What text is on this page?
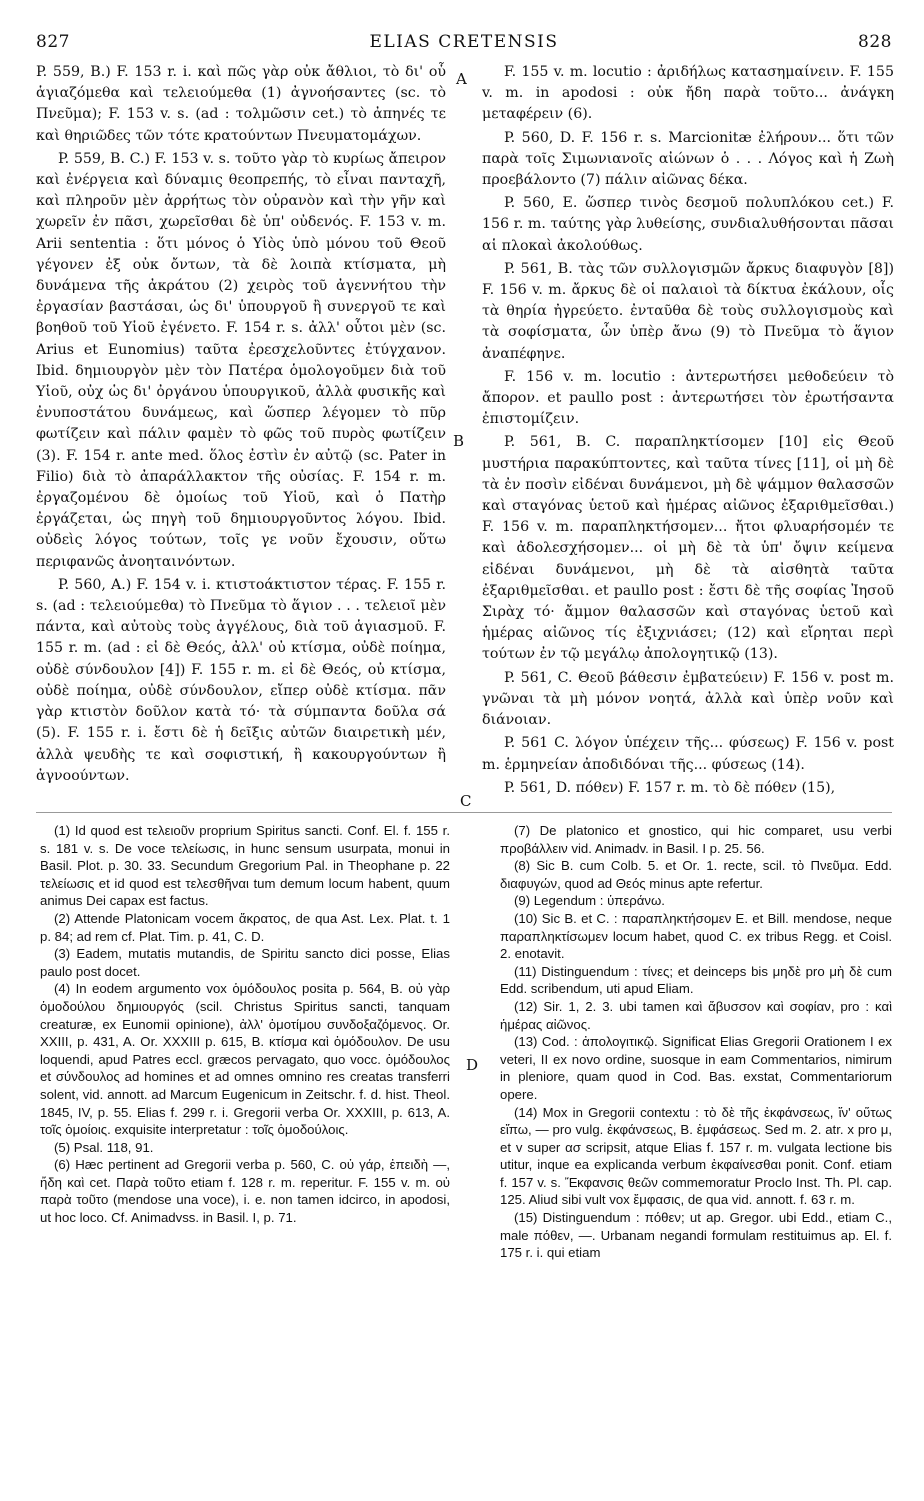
827	ELIAS CRETENSIS	828

P. 559, B.) F. 153 r. i. καὶ πῶς γὰρ οὐκ ἄθλιοι, τὸ δι' οὗ ἁγιαζόμεθα καὶ τελειούμεθα (1) ἀγνοήσαντες (sc. τὸ Πνεῦμα); F. 153 v. s. (ad : τολμῶσιν cet.) τὸ ἀπηνές τε καὶ θηριῶδες τῶν τότε κρατούντων Πνευματομάχων.

P. 559, B. C.) F. 153 v. s. τοῦτο γὰρ τὸ κυρίως ἄπειρον καὶ ἐνέργεια καὶ δύναμις θεοπρεπής, τὸ εἶναι πανταχῆ, καὶ πληροῦν μὲν ἀρρήτως τὸν οὐρανὸν καὶ τὴν γῆν καὶ χωρεῖν ἐν πᾶσι, χωρεῖσθαι δὲ ὑπ' οὐδενός. F. 153 v. m. Arii sententia : ὅτι μόνος ὁ Υἱὸς ὑπὸ μόνου τοῦ Θεοῦ γέγονεν ἐξ οὐκ ὄντων, τὰ δὲ λοιπὰ κτίσματα, μὴ δυνάμενα τῆς ἀκράτου (2) χειρὸς τοῦ ἀγεννήτου τὴν ἐργασίαν βαστάσαι, ὡς δι' ὑπουργοῦ ἢ συνεργοῦ τε καὶ βοηθοῦ τοῦ Υἱοῦ ἐγένετο. F. 154 r. s. ἀλλ' οὗτοι μὲν (sc. Arius et Eunomius) ταῦτα ἐρεσχελοῦντες ἐτύγχανον. Ibid. δημιουργὸν μὲν τὸν Πατέρα ὁμολογοῦμεν διὰ τοῦ Υἱοῦ, οὐχ ὡς δι' ὀργάνου ὑπουργικοῦ, ἀλλὰ φυσικῆς καὶ ἐνυποστάτου δυνάμεως, καὶ ὥσπερ λέγομεν τὸ πῦρ φωτίζειν καὶ πάλιν φαμὲν τὸ φῶς τοῦ πυρὸς φωτίζειν (3). F. 154 r. ante med. ὅλος ἐστὶν ἐν αὐτῷ (sc. Pater in Filio) διὰ τὸ ἀπαράλλακτον τῆς οὐσίας. F. 154 r. m. ἐργαζομένου δὲ ὁμοίως τοῦ Υἱοῦ, καὶ ὁ Πατὴρ ἐργάζεται, ὡς πηγὴ τοῦ δημιουργοῦντος λόγου. Ibid. οὐδεὶς λόγος τούτων, τοῖς γε νοῦν ἔχουσιν, οὕτω περιφανῶς ἀνοηταινόντων.

P. 560, A.) F. 154 v. i. κτιστοάκτιστον τέρας. F. 155 r. s. (ad : τελειούμεθα) τὸ Πνεῦμα τὸ ἅγιον . . . τελειοῖ μὲν πάντα, καὶ αὐτοὺς τοὺς ἀγγέλους, διὰ τοῦ ἁγιασμοῦ. F. 155 r. m. (ad : εἰ δὲ Θεός, ἀλλ' οὐ κτίσμα, οὐδὲ ποίημα, οὐδὲ σύνδουλον [4]) F. 155 r. m. εἰ δὲ Θεός, οὐ κτίσμα, οὐδὲ ποίημα, οὐδὲ σύνδουλον, εἴπερ οὐδὲ κτίσμα. πᾶν γὰρ κτιστὸν δοῦλον κατὰ τό· τὰ σύμπαντα δοῦλα σά (5). F. 155 r. i. ἔστι δὲ ἡ δεῖξις αὐτῶν διαιρετικὴ μέν, ἀλλὰ ψευδὴς τε καὶ σοφιστική, ἢ κακουργούντων ἢ ἀγνοούντων.

F. 155 v. m. locutio : ἀριδήλως κατασημαίνειν. F. 155 v. m. in apodosi : οὐκ ἤδη παρὰ τοῦτο... ἀνάγκη μεταφέρειν (6).

P. 560, D. F. 156 r. s. Marcionitæ ἐλήρουν... ὅτι τῶν παρὰ τοῖς Σιμωνιανοῖς αἰώνων ὁ . . . Λόγος καὶ ἡ Ζωὴ προεβάλοντο (7) πάλιν αἰῶνας δέκα.

P. 560, E. ὥσπερ τινὸς δεσμοῦ πολυπλόκου cet.) F. 156 r. m. ταύτης γὰρ λυθείσης, συνδιαλυθήσονται πᾶσαι αἱ πλοκαὶ ἀκολούθως.

P. 561, B. τὰς τῶν συλλογισμῶν ἄρκυς διαφυγὸν [8]) F. 156 v. m. ἄρκυς δὲ οἱ παλαιοὶ τὰ δίκτυα ἐκάλουν, οἷς τὰ θηρία ἠγρεύετο. ἐνταῦθα δὲ τοὺς συλλογισμοὺς καὶ τὰ σοφίσματα, ὧν ὑπὲρ ἄνω (9) τὸ Πνεῦμα τὸ ἅγιον ἀναπέφηνε.

F. 156 v. m. locutio : ἀντερωτήσει μεθοδεύειν τὸ ἄπορον. et paullo post : ἀντερωτήσει τὸν ἐρωτήσαντα ἐπιστομίζειν.

P. 561, B. C. παραπληκτίσομεν [10] εἰς Θεοῦ μυστήρια παρακύπτοντες, καὶ ταῦτα τίνες [11], οἱ μὴ δὲ τὰ ἐν ποσὶν εἰδέναι δυνάμενοι, μὴ δὲ ψάμμον θαλασσῶν καὶ σταγόνας ὑετοῦ καὶ ἡμέρας αἰῶνος ἐξαριθμεῖσθαι.) F. 156 v. m. παραπληκτήσομεν... ἤτοι φλυαρήσομέν τε καὶ ἀδολεσχήσομεν... οἱ μὴ δὲ τὰ ὑπ' ὄψιν κείμενα εἰδέναι δυνάμενοι, μὴ δὲ τὰ αἰσθητὰ ταῦτα ἐξαριθμεῖσθαι. et paullo post : ἔστι δὲ τῆς σοφίας Ἰησοῦ Σιρὰχ τό· ἄμμον θαλασσῶν καὶ σταγόνας ὑετοῦ καὶ ἡμέρας αἰῶνος τίς ἐξιχνιάσει; (12) καὶ εἴρηται περὶ τούτων ἐν τῷ μεγάλῳ ἀπολογητικῷ (13).

P. 561, C. Θεοῦ βάθεσιν ἐμβατεύειν) F. 156 v. post m. γνῶναι τὰ μὴ μόνον νοητά, ἀλλὰ καὶ ὑπὲρ νοῦν καὶ διάνοιαν.

P. 561 C. λόγον ὑπέχειν τῆς... φύσεως) F. 156 v. post m. ἑρμηνείαν ἀποδιδόναι τῆς... φύσεως (14).

P. 561, D. πόθεν) F. 157 r. m. τὸ δὲ πόθεν (15),

A
B
C
D

(1) Id quod est τελειοῦν proprium Spiritus sancti. Conf. El. f. 155 r. s. 181 v. s. De voce τελείωσις, in hunc sensum usurpata, monui in Basil. Plot. p. 30. 33. Secundum Gregorium Pal. in Theophane p. 22 τελείωσις et id quod est τελεσθῆναι tum demum locum habent, quum animus Dei capax est factus.

(2) Attende Platonicam vocem ἄκρατος, de qua Ast. Lex. Plat. t. 1 p. 84; ad rem cf. Plat. Tim. p. 41, C. D.

(3) Eadem, mutatis mutandis, de Spiritu sancto dici posse, Elias paulo post docet.

(4) In eodem argumento vox ὁμόδουλος posita p. 564, B. οὐ γὰρ ὁμοδούλου δημιουργός (scil. Christus Spiritus sancti, tanquam creaturæ, ex Eunomii opinione), ἀλλ' ὁμοτίμου συνδοξαζόμενος. Or. XXIII, p. 431, A. Or. XXXIII p. 615, B. κτίσμα καὶ ὁμόδουλον. De usu loquendi, apud Patres eccl. græcos pervagato, quo vocc. ὁμόδουλος et σύνδουλος ad homines et ad omnes omnino res creatas transferri solent, vid. annott. ad Marcum Eugenicum in Zeitschr. f. d. hist. Theol. 1845, IV, p. 55. Elias f. 299 r. i. Gregorii verba Or. XXXIII, p. 613, A. τοῖς ὁμοίοις. exquisite interpretatur : τοῖς ὁμοδούλοις.

(5) Psal. 118, 91.

(6) Hæc pertinent ad Gregorii verba p. 560, C. οὐ γάρ, ἐπειδὴ —, ἤδη καὶ cet. Παρὰ τοῦτο etiam f. 128 r. m. reperitur. F. 155 v. m. οὐ παρὰ τοῦτο (mendose una voce), i. e. non tamen idcirco, in apodosi, ut hoc loco. Cf. Animadvss. in Basil. I, p. 71.

(7) De platonico et gnostico, qui hic comparet, usu verbi προβάλλειν vid. Animadv. in Basil. I p. 25. 56.

(8) Sic B. cum Colb. 5. et Or. 1. recte, scil. τὸ Πνεῦμα. Edd. διαφυγών, quod ad Θεός minus apte refertur.

(9) Legendum : ὑπεράνω.

(10) Sic B. et C. : παραπληκτήσομεν E. et Bill. mendose, neque παραπληκτίσωμεν locum habet, quod C. ex tribus Regg. et Coisl. 2. enotavit.

(11) Distinguendum : τίνες; et deinceps bis μηδὲ pro μὴ δὲ cum Edd. scribendum, uti apud Eliam.

(12) Sir. 1, 2. 3. ubi tamen καὶ ἄβυσσον καὶ σοφίαν, pro : καὶ ἡμέρας αἰῶνος.

(13) Cod. : ἀπολογιτικῷ. Significat Elias Gregorii Orationem I ex veteri, II ex novo ordine, suosque in eam Commentarios, nimirum in pleniore, quam quod in Cod. Bas. exstat, Commentariorum opere.

(14) Mox in Gregorii contextu : τὸ δὲ τῆς ἐκφάνσεως, ἵν' οὕτως εἴπω, — pro vulg. ἐκφάνσεως, B. ἐμφάσεως. Sed m. 2. atr. x pro μ, et v super ασ scripsit, atque Elias f. 157 r. m. vulgata lectione bis utitur, inque ea explicanda verbum ἐκφαίνεσθαι ponit. Conf. etiam f. 157 v. s. Ἔκφανσις θεῶν commemoratur Proclo Inst. Th. Pl. cap. 125. Aliud sibi vult vox ἔμφασις, de qua vid. annott. f. 63 r. m.

(15) Distinguendum : πόθεν; ut ap. Gregor. ubi Edd., etiam C., male πόθεν, —. Urbanam negandi formulam restituimus ap. El. f. 175 r. i. qui etiam
